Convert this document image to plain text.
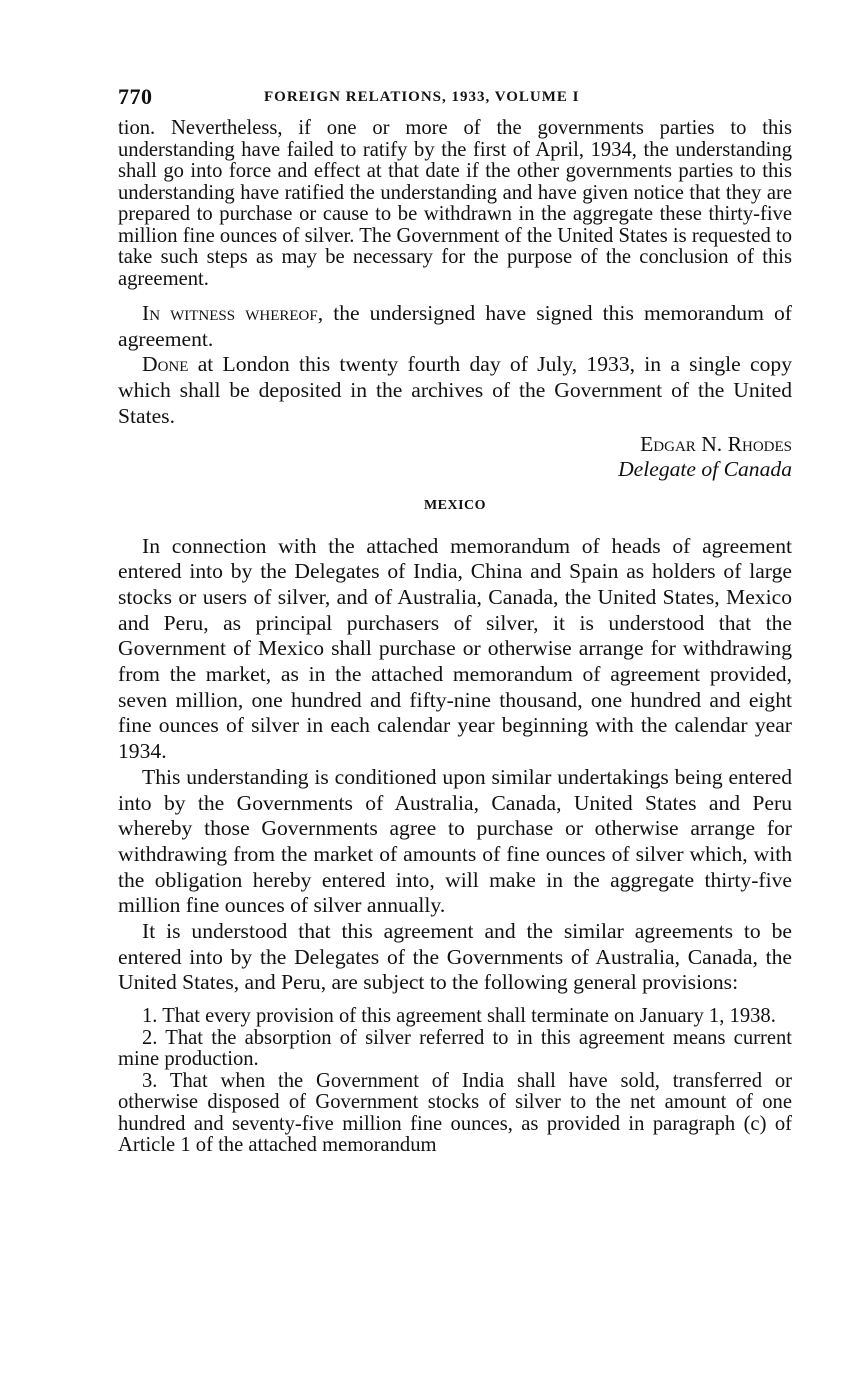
770	FOREIGN RELATIONS, 1933, VOLUME I

tion. Nevertheless, if one or more of the governments parties to this understanding have failed to ratify by the first of April, 1934, the understanding shall go into force and effect at that date if the other governments parties to this understanding have ratified the understanding and have given notice that they are prepared to purchase or cause to be withdrawn in the aggregate these thirty-five million fine ounces of silver. The Government of the United States is requested to take such steps as may be necessary for the purpose of the conclusion of this agreement.

In witness whereof, the undersigned have signed this memorandum of agreement.

Done at London this twenty fourth day of July, 1933, in a single copy which shall be deposited in the archives of the Government of the United States.

Edgar N. Rhodes
Delegate of Canada
MEXICO

In connection with the attached memorandum of heads of agreement entered into by the Delegates of India, China and Spain as holders of large stocks or users of silver, and of Australia, Canada, the United States, Mexico and Peru, as principal purchasers of silver, it is understood that the Government of Mexico shall purchase or otherwise arrange for withdrawing from the market, as in the attached memorandum of agreement provided, seven million, one hundred and fifty-nine thousand, one hundred and eight fine ounces of silver in each calendar year beginning with the calendar year 1934.

This understanding is conditioned upon similar undertakings being entered into by the Governments of Australia, Canada, United States and Peru whereby those Governments agree to purchase or otherwise arrange for withdrawing from the market of amounts of fine ounces of silver which, with the obligation hereby entered into, will make in the aggregate thirty-five million fine ounces of silver annually.

It is understood that this agreement and the similar agreements to be entered into by the Delegates of the Governments of Australia, Canada, the United States, and Peru, are subject to the following general provisions:

1. That every provision of this agreement shall terminate on January 1, 1938.

2. That the absorption of silver referred to in this agreement means current mine production.

3. That when the Government of India shall have sold, transferred or otherwise disposed of Government stocks of silver to the net amount of one hundred and seventy-five million fine ounces, as provided in paragraph (c) of Article 1 of the attached memorandum
